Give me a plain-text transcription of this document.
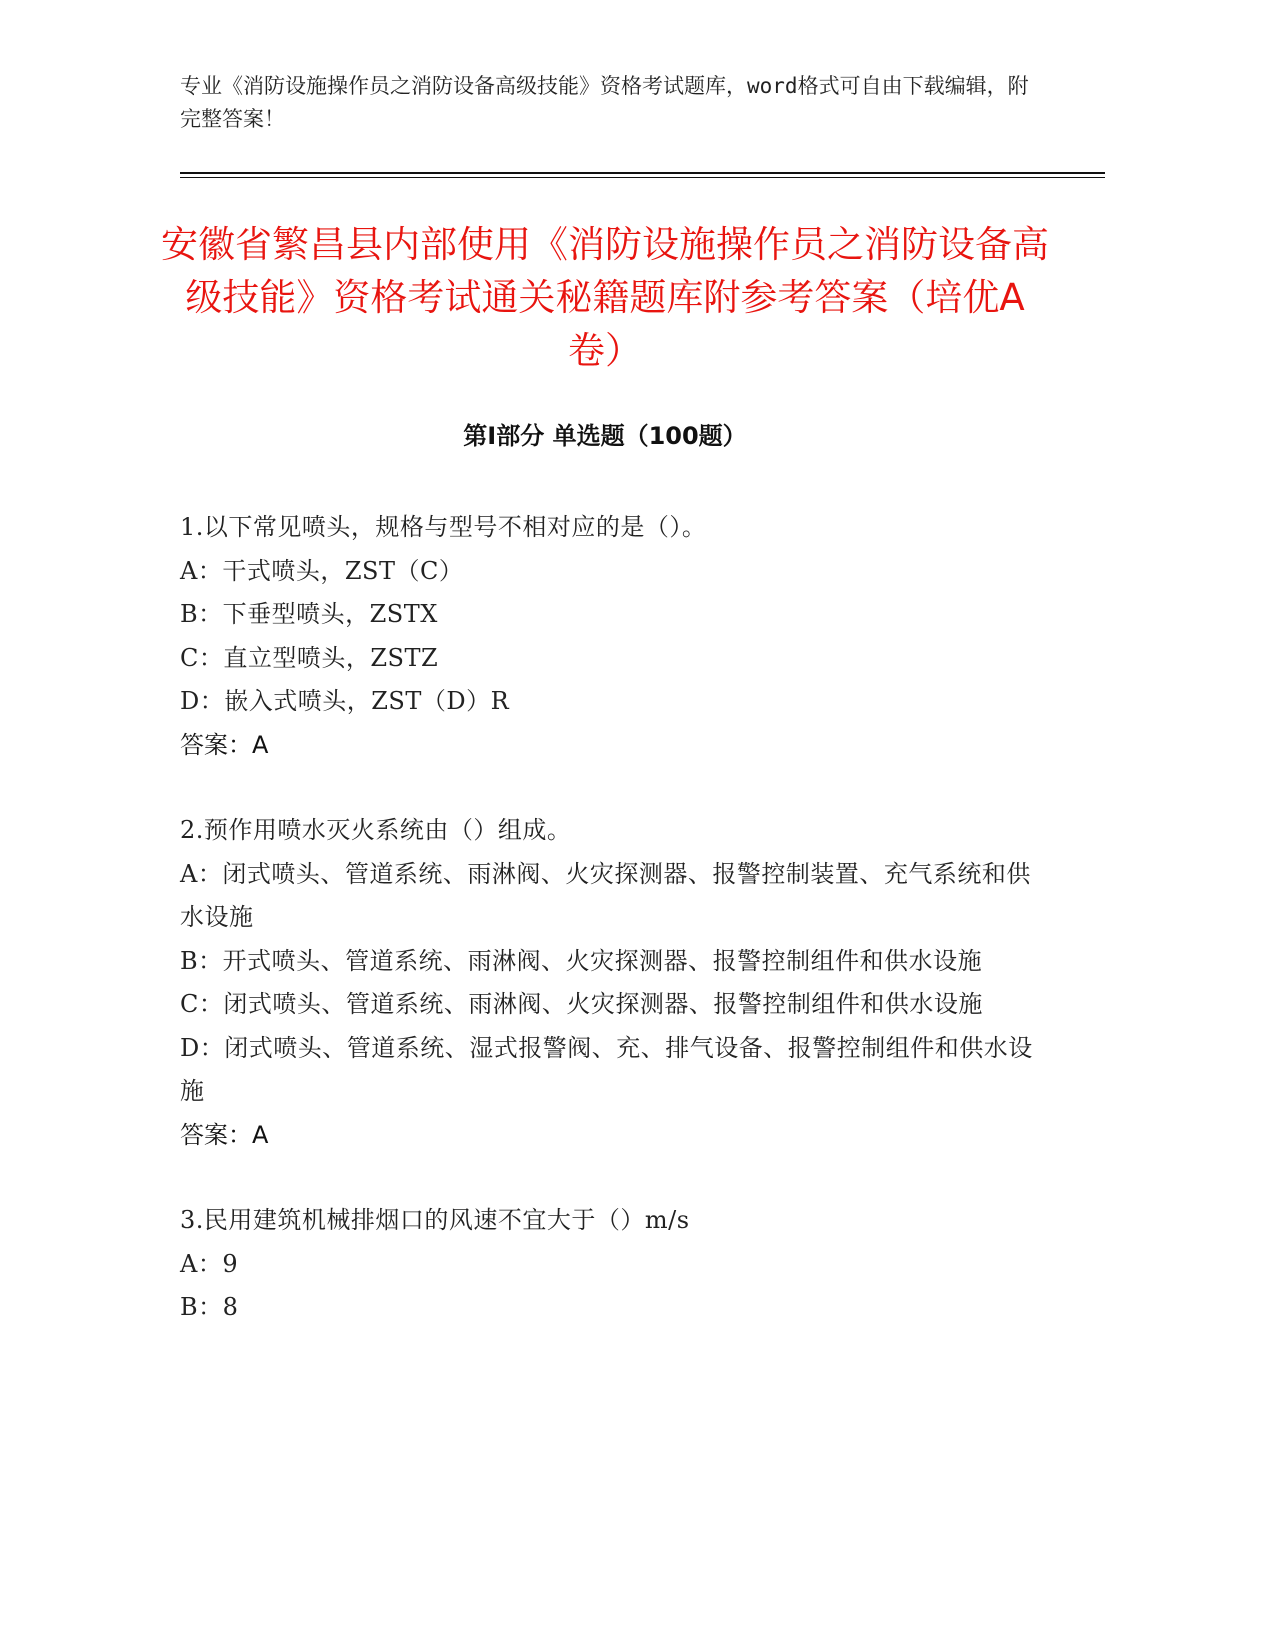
专业《消防设施操作员之消防设备高级技能》资格考试题库，word格式可自由下载编辑，附完整答案！
安徽省繁昌县内部使用《消防设施操作员之消防设备高级技能》资格考试通关秘籍题库附参考答案（培优A卷）
第I部分 单选题（100题）
1.以下常见喷头，规格与型号不相对应的是（）。
A：干式喷头，ZST（C）
B：下垂型喷头，ZSTX
C：直立型喷头，ZSTZ
D：嵌入式喷头，ZST（D）R
答案：A
2.预作用喷水灭火系统由（）组成。
A：闭式喷头、管道系统、雨淋阀、火灾探测器、报警控制装置、充气系统和供水设施
B：开式喷头、管道系统、雨淋阀、火灾探测器、报警控制组件和供水设施
C：闭式喷头、管道系统、雨淋阀、火灾探测器、报警控制组件和供水设施
D：闭式喷头、管道系统、湿式报警阀、充、排气设备、报警控制组件和供水设施
答案：A
3.民用建筑机械排烟口的风速不宜大于（）m/s
A：9
B：8
